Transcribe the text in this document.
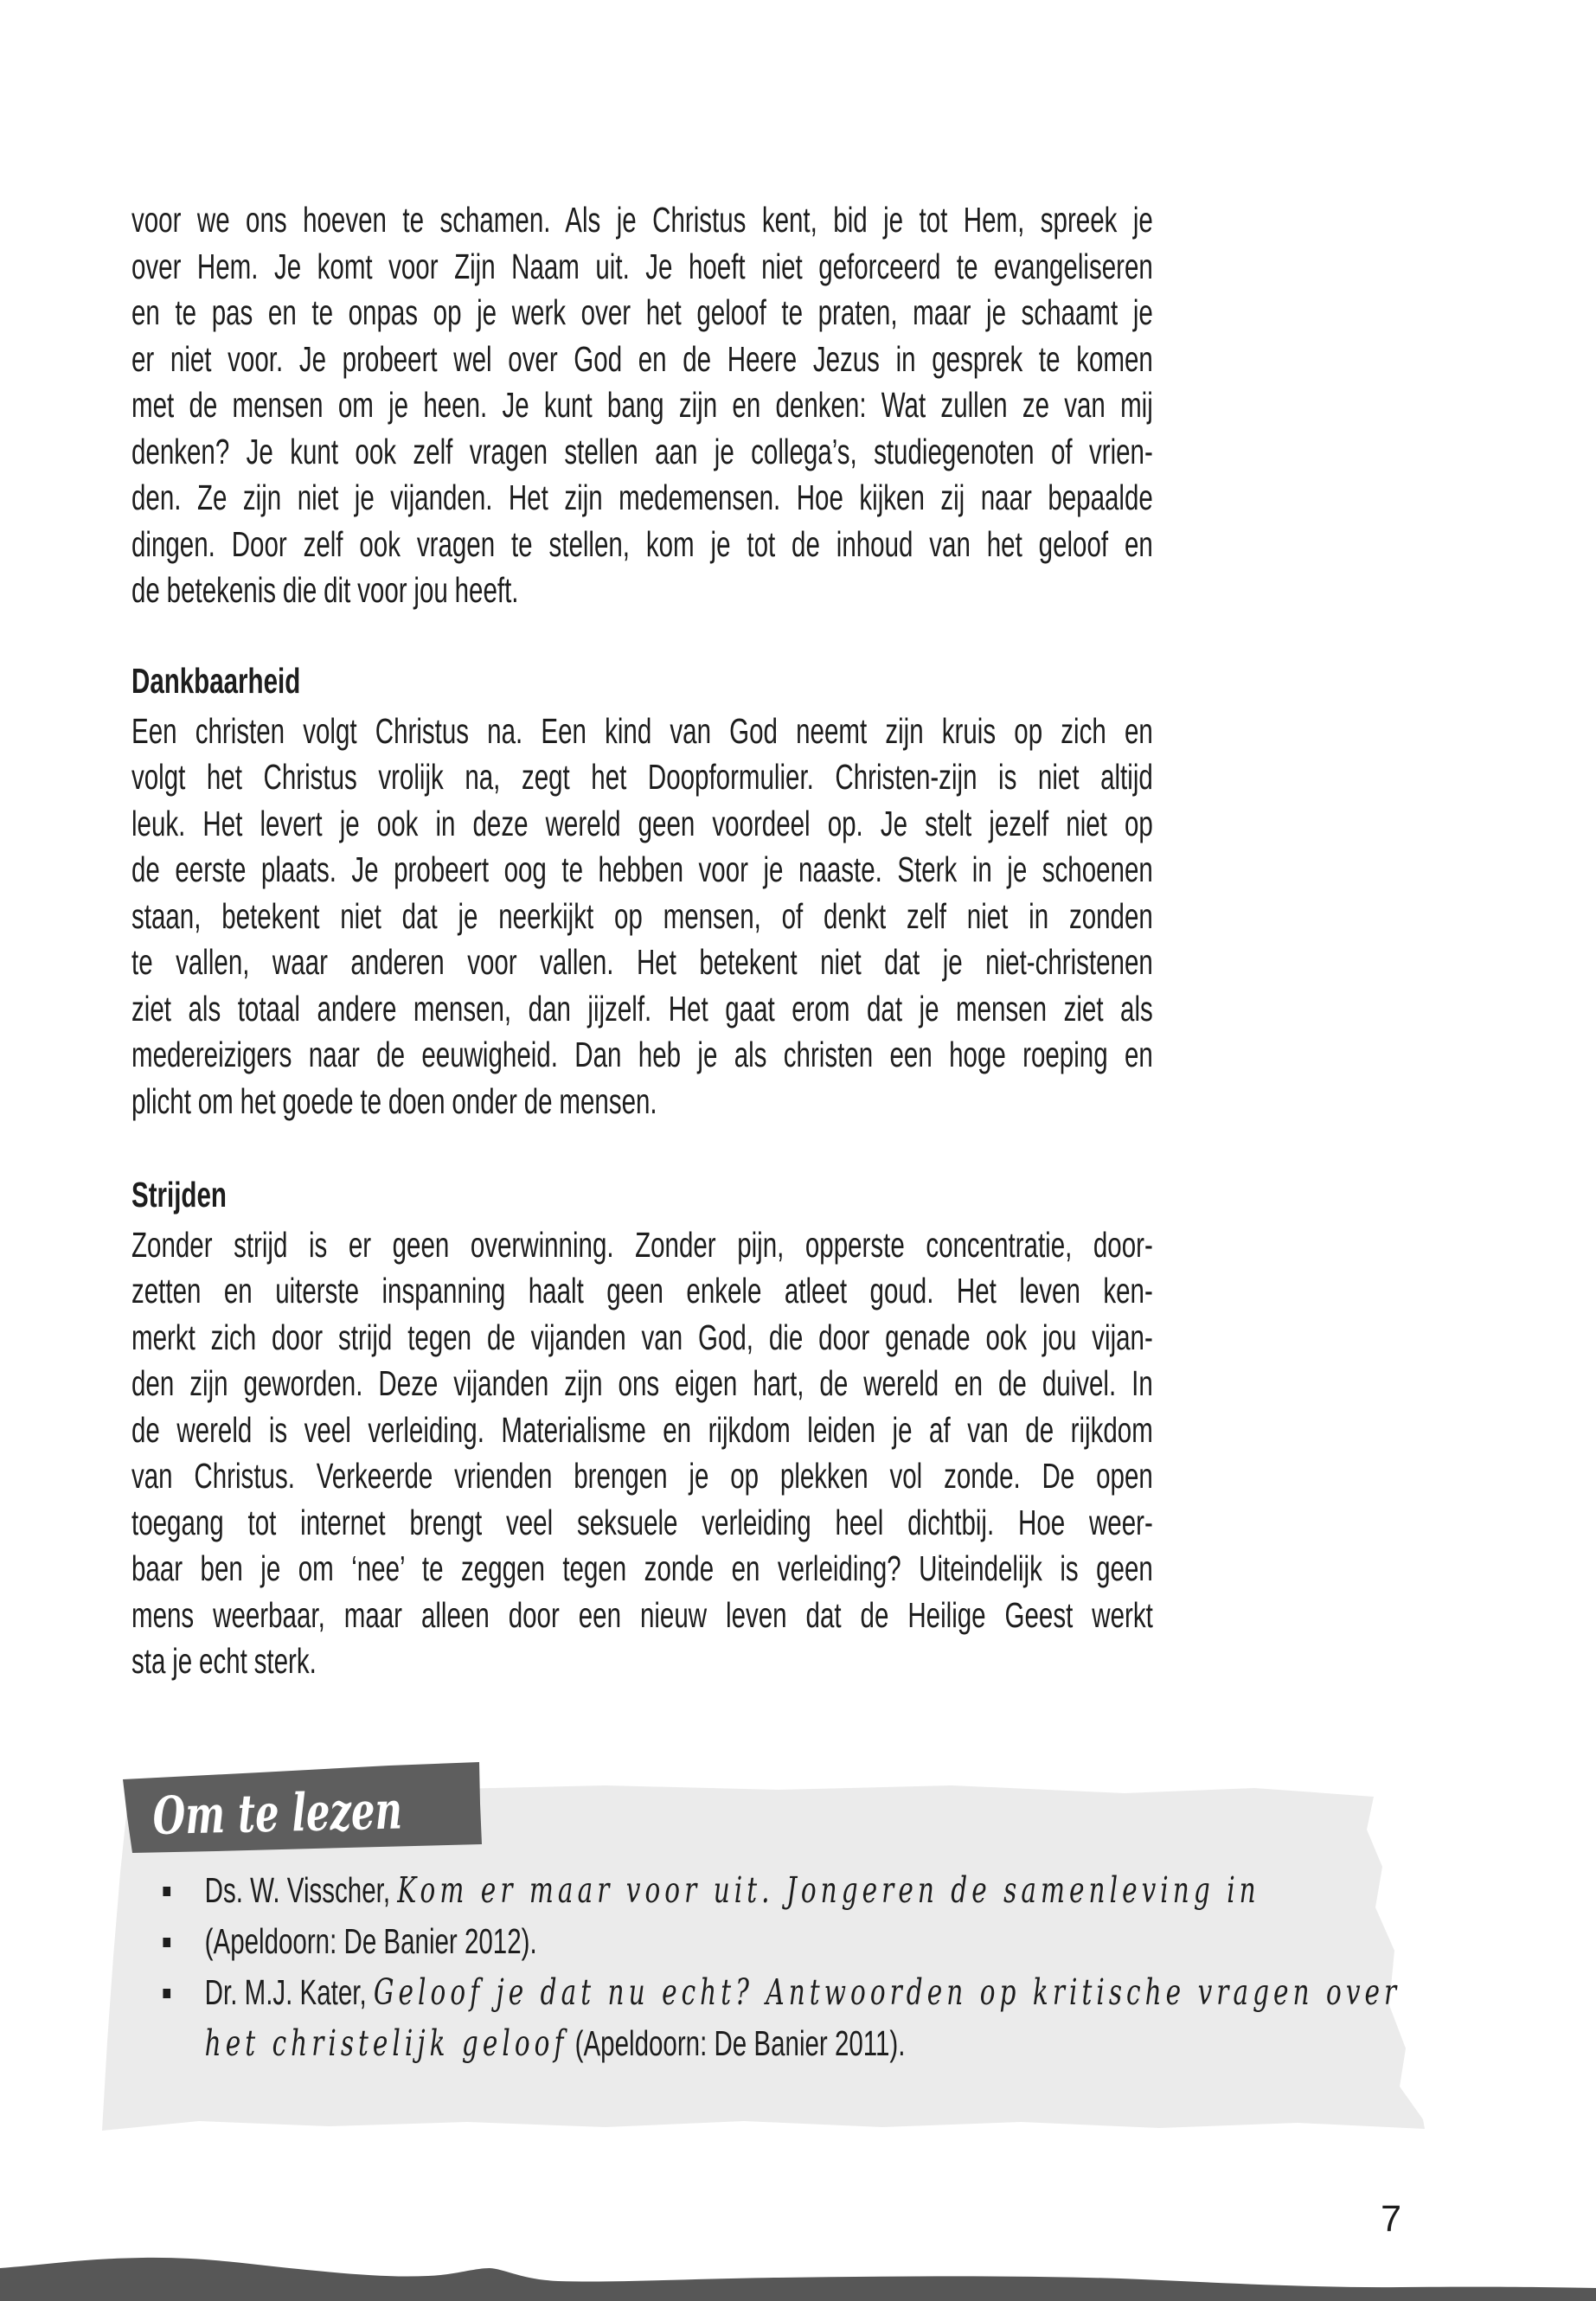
voor we ons hoeven te schamen. Als je Christus kent, bid je tot Hem, spreek je
over Hem. Je komt voor Zijn Naam uit. Je hoeft niet geforceerd te evangeliseren
en te pas en te onpas op je werk over het geloof te praten, maar je schaamt je
er niet voor. Je probeert wel over God en de Heere Jezus in gesprek te komen
met de mensen om je heen. Je kunt bang zijn en denken: Wat zullen ze van mij
denken? Je kunt ook zelf vragen stellen aan je collega’s, studiegenoten of vrien-
den. Ze zijn niet je vijanden. Het zijn medemensen. Hoe kijken zij naar bepaalde
dingen. Door zelf ook vragen te stellen, kom je tot de inhoud van het geloof en
de betekenis die dit voor jou heeft.
Dankbaarheid
Een christen volgt Christus na. Een kind van God neemt zijn kruis op zich en
volgt het Christus vrolijk na, zegt het Doopformulier. Christen-zijn is niet altijd
leuk. Het levert je ook in deze wereld geen voordeel op. Je stelt jezelf niet op
de eerste plaats. Je probeert oog te hebben voor je naaste. Sterk in je schoenen
staan, betekent niet dat je neerkijkt op mensen, of denkt zelf niet in zonden
te vallen, waar anderen voor vallen. Het betekent niet dat je niet-christenen
ziet als totaal andere mensen, dan jijzelf. Het gaat erom dat je mensen ziet als
medereizigers naar de eeuwigheid. Dan heb je als christen een hoge roeping en
plicht om het goede te doen onder de mensen.
Strijden
Zonder strijd is er geen overwinning. Zonder pijn, opperste concentratie, door-
zetten en uiterste inspanning haalt geen enkele atleet goud. Het leven ken-
merkt zich door strijd tegen de vijanden van God, die door genade ook jou vijan-
den zijn geworden. Deze vijanden zijn ons eigen hart, de wereld en de duivel. In
de wereld is veel verleiding. Materialisme en rijkdom leiden je af van de rijkdom
van Christus. Verkeerde vrienden brengen je op plekken vol zonde. De open
toegang tot internet brengt veel seksuele verleiding heel dichtbij. Hoe weer-
baar ben je om ‘nee’ te zeggen tegen zonde en verleiding? Uiteindelijk is geen
mens weerbaar, maar alleen door een nieuw leven dat de Heilige Geest werkt
sta je echt sterk.
Om te lezen
Ds. W. Visscher, Kom er maar voor uit. Jongeren de samenleving in
(Apeldoorn: De Banier 2012).
Dr. M.J. Kater, Geloof je dat nu echt? Antwoorden op kritische vragen over
het christelijk geloof (Apeldoorn: De Banier 2011).
7
